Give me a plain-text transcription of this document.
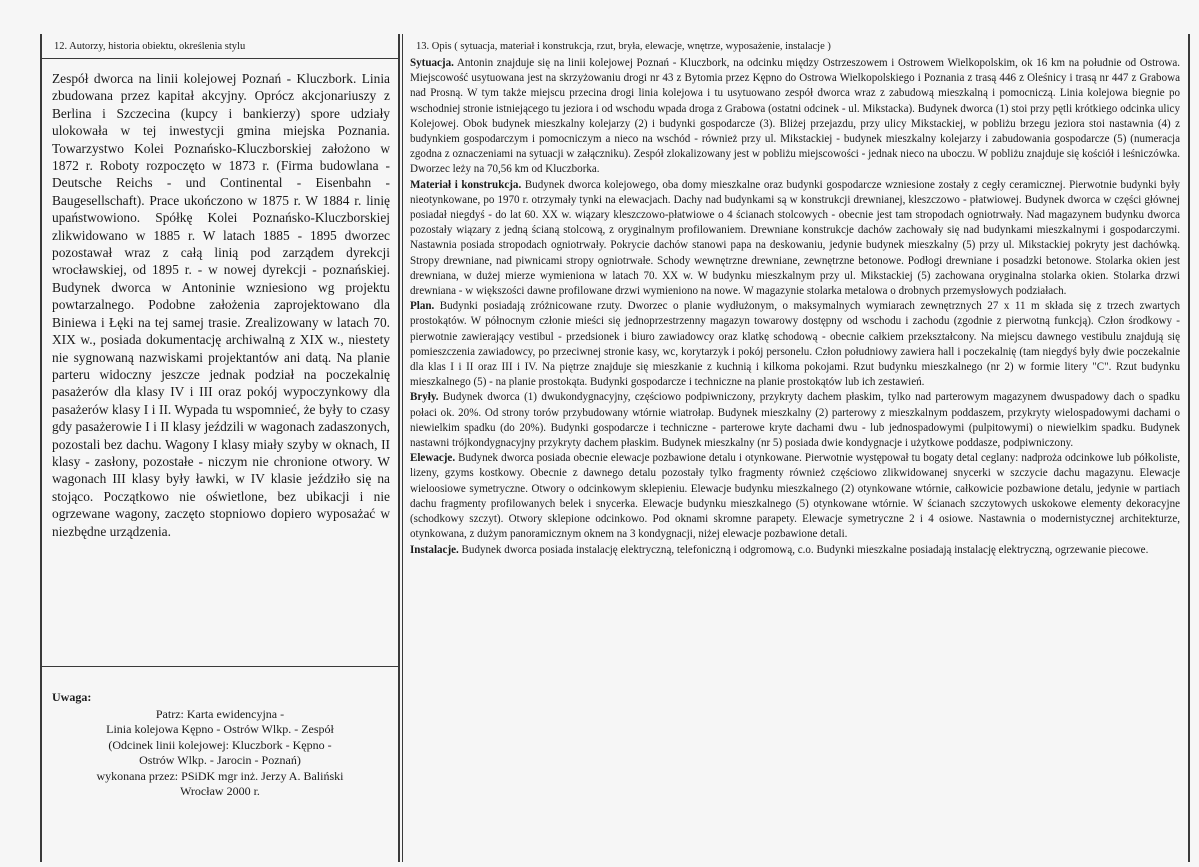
12. Autorzy, historia obiektu, określenia stylu
Zespół dworca na linii kolejowej Poznań - Kluczbork. Linia zbudowana przez kapitał akcyjny. Oprócz akcjonariuszy z Berlina i Szczecina (kupcy i bankierzy) spore udziały ulokowała w tej inwestycji gmina miejska Poznania. Towarzystwo Kolei Poznańsko-Kluczborskiej założono w 1872 r. Roboty rozpoczęto w 1873 r. (Firma budowlana - Deutsche Reichs - und Continental - Eisenbahn - Baugesellschaft). Prace ukończono w 1875 r. W 1884 r. linię upaństwowiono. Spółkę Kolei Poznańsko-Kluczborskiej zlikwidowano w 1885 r. W latach 1885 - 1895 dworzec pozostawał wraz z całą linią pod zarządem dyrekcji wrocławskiej, od 1895 r. - w nowej dyrekcji - poznańskiej. Budynek dworca w Antoninie wzniesiono wg projektu powtarzalnego. Podobne założenia zaprojektowano dla Biniewa i Łęki na tej samej trasie. Zrealizowany w latach 70. XIX w., posiada dokumentację archiwalną z XIX w., niestety nie sygnowaną nazwiskami projektantów ani datą. Na planie parteru widoczny jeszcze jednak podział na poczekalnię pasażerów dla klasy IV i III oraz pokój wypoczynkowy dla pasażerów klasy I i II. Wypada tu wspomnieć, że były to czasy gdy pasażerowie I i II klasy jeździli w wagonach zadaszonych, pozostali bez dachu. Wagony I klasy miały szyby w oknach, II klasy - zasłony, pozostałe - niczym nie chronione otwory. W wagonach III klasy były ławki, w IV klasie jeździło się na stojąco. Początkowo nie oświetlone, bez ubikacji i nie ogrzewane wagony, zaczęto stopniowo dopiero wyposażać w niezbędne urządzenia.
Uwaga:
Patrz: Karta ewidencyjna -
Linia kolejowa Kępno - Ostrów Wlkp. - Zespół
(Odcinek linii kolejowej: Kluczbork - Kępno -
Ostrów Wlkp. - Jarocin - Poznań)
wykonana przez: PSiDK mgr inż. Jerzy A. Baliński
Wrocław 2000 r.
13. Opis ( sytuacja, materiał i konstrukcja, rzut, bryła, elewacje, wnętrze, wyposażenie, instalacje )

Sytuacja. Antonin znajduje się na linii kolejowej Poznań - Kluczbork, na odcinku między Ostrzeszowem i Ostrowem Wielkopolskim, ok 16 km na południe od Ostrowa. Miejscowość usytuowana jest na skrzyżowaniu drogi nr 43 z Bytomia przez Kępno do Ostrowa Wielkopolskiego i Poznania z trasą 446 z Oleśnicy i trasą nr 447 z Grabowa nad Prosną. W tym także miejscu przecina drogi linia kolejowa i tu usytuowano zespół dworca wraz z zabudową mieszkalną i pomocniczą. Linia kolejowa biegnie po wschodniej stronie istniejącego tu jeziora i od wschodu wpada droga z Grabowa (ostatni odcinek - ul. Mikstacka). Budynek dworca (1) stoi przy pętli krótkiego odcinka ulicy Kolejowej. Obok budynek mieszkalny kolejarzy (2) i budynki gospodarcze (3). Bliżej przejazdu, przy ulicy Mikstackiej, w pobliżu brzegu jeziora stoi nastawnia (4) z budynkiem gospodarczym i pomocniczym a nieco na wschód - również przy ul. Mikstackiej - budynek mieszkalny kolejarzy i zabudowania gospodarcze (5) (numeracja zgodna z oznaczeniami na sytuacji w załączniku). Zespół zlokalizowany jest w pobliżu miejscowości - jednak nieco na uboczu. W pobliżu znajduje się kościół i leśniczówka. Dworzec leży na 70,56 km od Kluczborka.

Materiał i konstrukcja. Budynek dworca kolejowego, oba domy mieszkalne oraz budynki gospodarcze wzniesione zostały z cegły ceramicznej. Pierwotnie budynki były nieotynkowane, po 1970 r. otrzymały tynki na elewacjach. Dachy nad budynkami są w konstrukcji drewnianej, kleszczowo - płatwiowej. Budynek dworca w części głównej posiadał niegdyś - do lat 60. XX w. wiązary kleszczowo-płatwiowe o 4 ścianach stolcowych - obecnie jest tam stropodach ogniotrwały. Nad magazynem budynku dworca pozostały wiązary z jedną ścianą stolcową, z oryginalnym profilowaniem. Drewniane konstrukcje dachów zachowały się nad budynkami mieszkalnymi i gospodarczymi. Nastawnia posiada stropodach ogniotrwały. Pokrycie dachów stanowi papa na deskowaniu, jedynie budynek mieszkalny (5) przy ul. Mikstackiej pokryty jest dachówką. Stropy drewniane, nad piwnicami stropy ogniotrwałe. Schody wewnętrzne drewniane, zewnętrzne betonowe. Podłogi drewniane i posadzki betonowe. Stolarka okien jest drewniana, w dużej mierze wymieniona w latach 70. XX w. W budynku mieszkalnym przy ul. Mikstackiej (5) zachowana oryginalna stolarka okien. Stolarka drzwi drewniana - w większości dawne profilowane drzwi wymieniono na nowe. W magazynie stolarka metalowa o drobnych przemysłowych podziałach.

Plan. Budynki posiadają zróżnicowane rzuty. Dworzec o planie wydłużonym, o maksymalnych wymiarach zewnętrznych 27 x 11 m składa się z trzech zwartych prostokątów. W północnym członie mieści się jednoprzestrzenny magazyn towarowy dostępny od wschodu i zachodu (zgodnie z pierwotną funkcją). Człon środkowy - pierwotnie zawierający vestibul - przedsionek i biuro zawiadowcy oraz klatkę schodową - obecnie całkiem przekształcony. Na miejscu dawnego vestibulu znajdują się pomieszczenia zawiadowcy, po przeciwnej stronie kasy, wc, korytarzyk i pokój personelu. Człon południowy zawiera hall i poczekalnię (tam niegdyś były dwie poczekalnie dla klas I i II oraz III i IV. Na piętrze znajduje się mieszkanie z kuchnią i kilkoma pokojami. Rzut budynku mieszkalnego (nr 2) w formie litery "C". Rzut budynku mieszkalnego (5) - na planie prostokąta. Budynki gospodarcze i techniczne na planie prostokątów lub ich zestawień.

Bryły. Budynek dworca (1) dwukondygnacyjny, częściowo podpiwniczony, przykryty dachem płaskim, tylko nad parterowym magazynem dwuspadowy dach o spadku połaci ok. 20%. Od strony torów przybudowany wtórnie wiatrołap. Budynek mieszkalny (2) parterowy z mieszkalnym poddaszem, przykryty wielospadowymi dachami o niewielkim spadku (do 20%). Budynki gospodarcze i techniczne - parterowe kryte dachami dwu - lub jednospadowymi (pulpitowymi) o niewielkim spadku. Budynek nastawni trójkondygnacyjny przykryty dachem płaskim. Budynek mieszkalny (nr 5) posiada dwie kondygnacje i użytkowe poddasze, podpiwniczony.

Elewacje. Budynek dworca posiada obecnie elewacje pozbawione detalu i otynkowane. Pierwotnie występował tu bogaty detal ceglany: nadproża odcinkowe lub półkoliste, lizeny, gzyms kostkowy. Obecnie z dawnego detalu pozostały tylko fragmenty również częściowo zlikwidowanej snycerki w szczycie dachu magazynu. Elewacje wieloosiowe symetryczne. Otwory o odcinkowym sklepieniu. Elewacje budynku mieszkalnego (2) otynkowane wtórnie, całkowicie pozbawione detalu, jedynie w partiach dachu fragmenty profilowanych belek i snycerka. Elewacje budynku mieszkalnego (5) otynkowane wtórnie. W ścianach szczytowych uskokowe elementy dekoracyjne (schodkowy szczyt). Otwory sklepione odcinkowo. Pod oknami skromne parapety. Elewacje symetryczne 2 i 4 osiowe. Nastawnia o modernistycznej architekturze, otynkowana, z dużym panoramicznym oknem na 3 kondygnacji, niżej elewacje pozbawione detali.

Instalacje. Budynek dworca posiada instalację elektryczną, telefoniczną i odgromową, c.o. Budynki mieszkalne posiadają instalację elektryczną, ogrzewanie piecowe.
